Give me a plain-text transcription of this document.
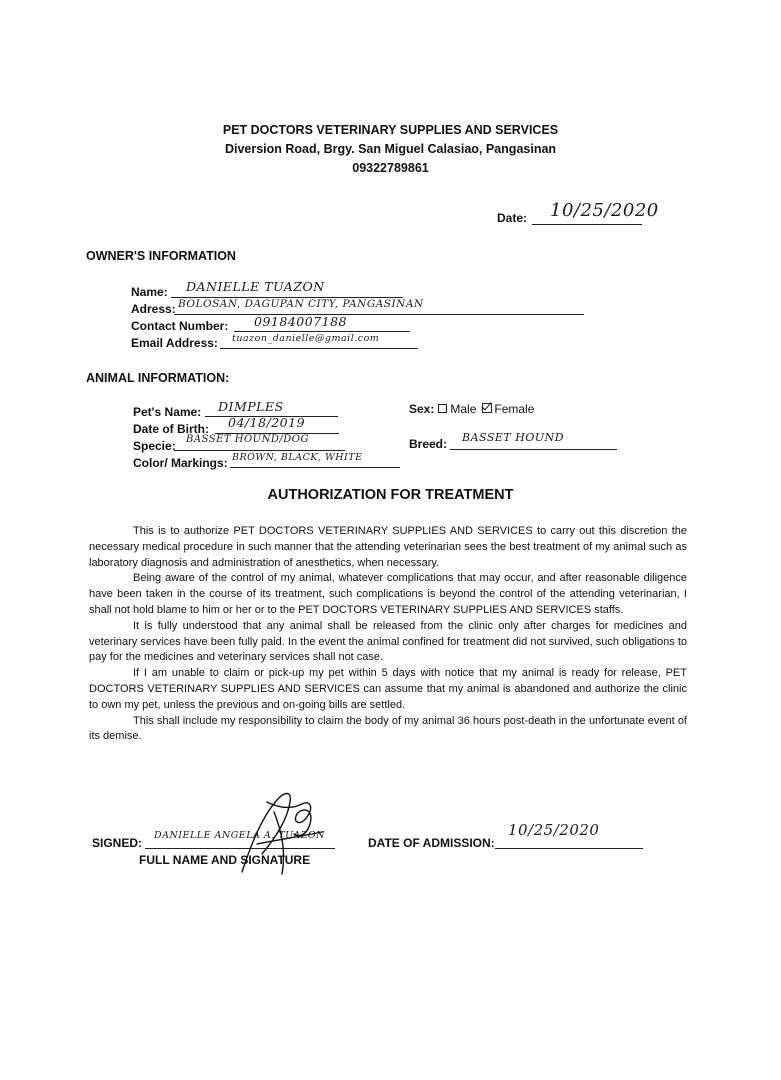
PET DOCTORS VETERINARY SUPPLIES AND SERVICES
Diversion Road, Brgy. San Miguel Calasiao, Pangasinan
09322789861
Date: 10/25/2020
OWNER'S INFORMATION
Name: DANIELLE TUAZON
Adress: BOLOSAN, DAGUPAN CITY, PANGASINAN
Contact Number: 09184007188
Email Address: tuazon_danielle@gmail.com
ANIMAL INFORMATION:
Pet's Name: DIMPLES
Date of Birth: 04/18/2019
Specie: BASSET HOUND/DOG
Color/ Markings: BROWN, BLACK, WHITE
Sex: Male Female
Breed: BASSET HOUND
AUTHORIZATION FOR TREATMENT

This is to authorize PET DOCTORS VETERINARY SUPPLIES AND SERVICES to carry out this discretion the necessary medical procedure in such manner that the attending veterinarian sees the best treatment of my animal such as laboratory diagnosis and administration of anesthetics, when necessary.

Being aware of the control of my animal, whatever complications that may occur, and after reasonable diligence have been taken in the course of its treatment, such complications is beyond the control of the attending veterinarian, I shall not hold blame to him or her or to the PET DOCTORS VETERINARY SUPPLIES AND SERVICES staffs.

It is fully understood that any animal shall be released from the clinic only after charges for medicines and veterinary services have been fully paid. In the event the animal confined for treatment did not survived, such obligations to pay for the medicines and veterinary services shall not case.

If I am unable to claim or pick-up my pet within 5 days with notice that my animal is ready for release, PET DOCTORS VETERINARY SUPPLIES AND SERVICES can assume that my animal is abandoned and authorize the clinic to own my pet, unless the previous and on-going bills are settled.

This shall include my responsibility to claim the body of my animal 36 hours post-death in the unfortunate event of its demise.

SIGNED:
DANIELLE ANGELA A. TUAZON
FULL NAME AND SIGNATURE
DATE OF ADMISSION:
10/25/2020
